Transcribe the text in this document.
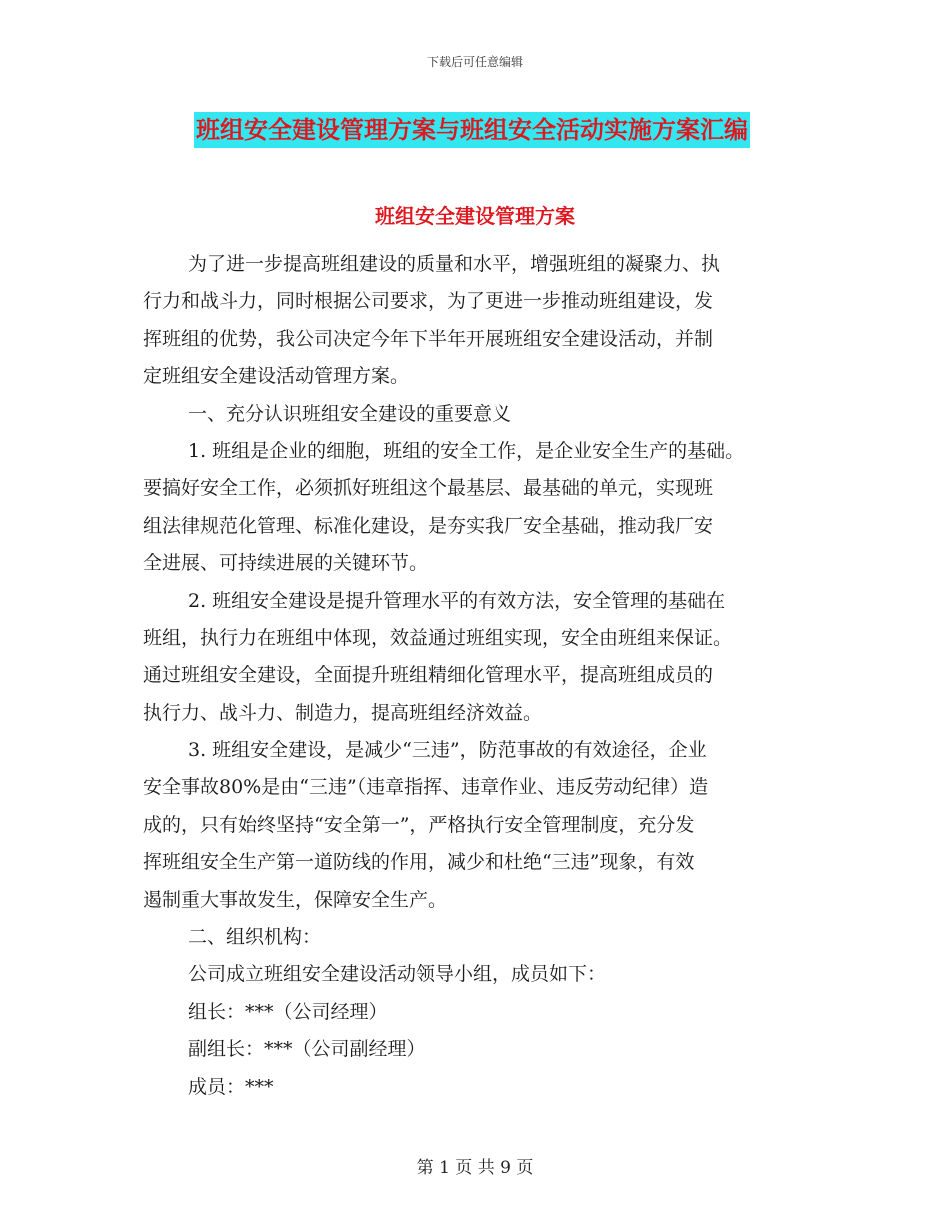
下载后可任意编辑
班组安全建设管理方案与班组安全活动实施方案汇编
班组安全建设管理方案
为了进一步提高班组建设的质量和水平，增强班组的凝聚力、执
行力和战斗力，同时根据公司要求，为了更进一步推动班组建设，发
挥班组的优势，我公司决定今年下半年开展班组安全建设活动，并制
定班组安全建设活动管理方案。
一、充分认识班组安全建设的重要意义
1. 班组是企业的细胞，班组的安全工作，是企业安全生产的基础。
要搞好安全工作，必须抓好班组这个最基层、最基础的单元，实现班
组法律规范化管理、标准化建设，是夯实我厂安全基础，推动我厂安
全进展、可持续进展的关键环节。
2. 班组安全建设是提升管理水平的有效方法，安全管理的基础在
班组，执行力在班组中体现，效益通过班组实现，安全由班组来保证。
通过班组安全建设，全面提升班组精细化管理水平，提高班组成员的
执行力、战斗力、制造力，提高班组经济效益。
3. 班组安全建设，是减少“三违”，防范事故的有效途径，企业
安全事故80%是由“三违”（违章指挥、违章作业、违反劳动纪律）造
成的，只有始终坚持“安全第一”，严格执行安全管理制度，充分发
挥班组安全生产第一道防线的作用，减少和杜绝“三违”现象，有效
遏制重大事故发生，保障安全生产。
二、组织机构：
公司成立班组安全建设活动领导小组，成员如下：
组长：***（公司经理）
副组长：***（公司副经理）
成员：***
第 1 页 共 9 页
